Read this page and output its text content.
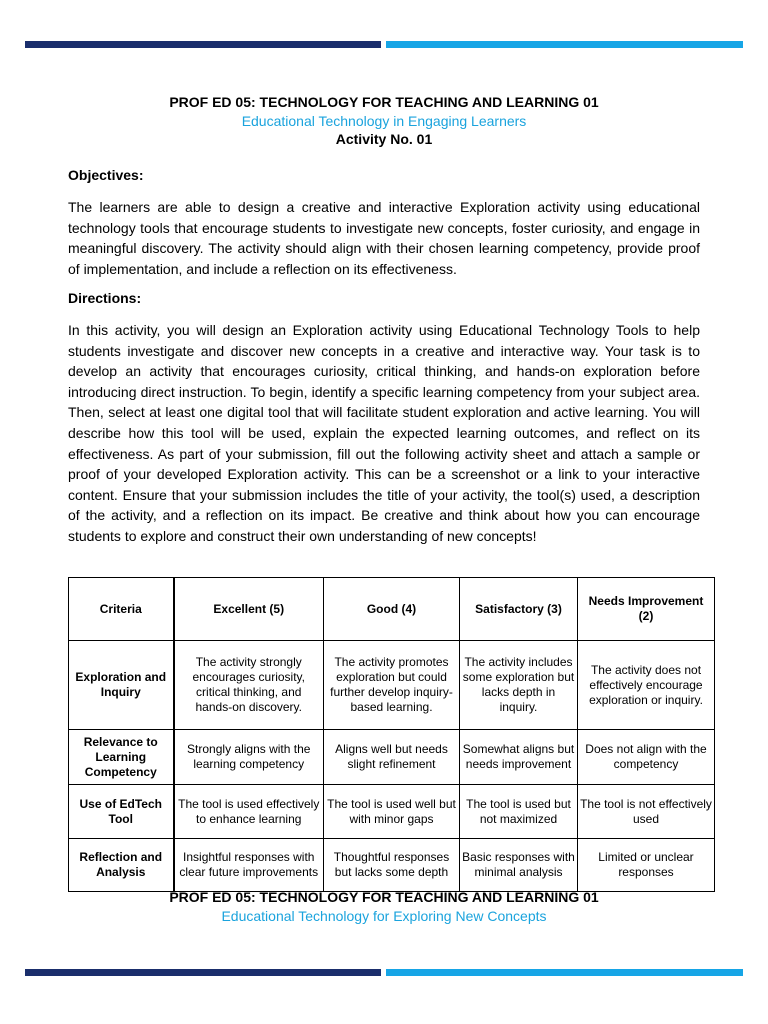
PROF ED 05: TECHNOLOGY FOR TEACHING AND LEARNING 01
Educational Technology in Engaging Learners
Activity No. 01
Objectives:

The learners are able to design a creative and interactive Exploration activity using educational technology tools that encourage students to investigate new concepts, foster curiosity, and engage in meaningful discovery. The activity should align with their chosen learning competency, provide proof of implementation, and include a reflection on its effectiveness.

Directions:

In this activity, you will design an Exploration activity using Educational Technology Tools to help students investigate and discover new concepts in a creative and interactive way. Your task is to develop an activity that encourages curiosity, critical thinking, and hands-on exploration before introducing direct instruction. To begin, identify a specific learning competency from your subject area. Then, select at least one digital tool that will facilitate student exploration and active learning. You will describe how this tool will be used, explain the expected learning outcomes, and reflect on its effectiveness. As part of your submission, fill out the following activity sheet and attach a sample or proof of your developed Exploration activity. This can be a screenshot or a link to your interactive content. Ensure that your submission includes the title of your activity, the tool(s) used, a description of the activity, and a reflection on its impact. Be creative and think about how you can encourage students to explore and construct their own understanding of new concepts!

Criteria	Excellent (5)	Good (4)	Satisfactory (3)	Needs Improvement (2)
Exploration and Inquiry	The activity strongly encourages curiosity, critical thinking, and hands-on discovery.	The activity promotes exploration but could further develop inquiry-based learning.	The activity includes some exploration but lacks depth in inquiry.	The activity does not effectively encourage exploration or inquiry.
Relevance to Learning Competency	Strongly aligns with the learning competency	Aligns well but needs slight refinement	Somewhat aligns but needs improvement	Does not align with the competency
Use of EdTech Tool	The tool is used effectively to enhance learning	The tool is used well but with minor gaps	The tool is used but not maximized	The tool is not effectively used
Reflection and Analysis	Insightful responses with clear future improvements	Thoughtful responses but lacks some depth	Basic responses with minimal analysis	Limited or unclear responses
PROF ED 05: TECHNOLOGY FOR TEACHING AND LEARNING 01
Educational Technology for Exploring New Concepts
